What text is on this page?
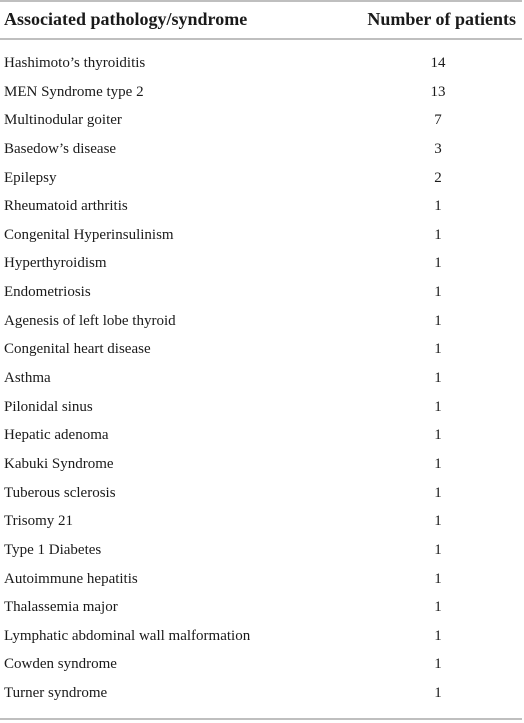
Associated pathology/syndrome	Number of patients
Hashimoto’s thyroiditis	14
MEN Syndrome type 2	13
Multinodular goiter	7
Basedow’s disease	3
Epilepsy	2
Rheumatoid arthritis	1
Congenital Hyperinsulinism	1
Hyperthyroidism	1
Endometriosis	1
Agenesis of left lobe thyroid	1
Congenital heart disease	1
Asthma	1
Pilonidal sinus	1
Hepatic adenoma	1
Kabuki Syndrome	1
Tuberous sclerosis	1
Trisomy 21	1
Type 1 Diabetes	1
Autoimmune hepatitis	1
Thalassemia major	1
Lymphatic abdominal wall malformation	1
Cowden syndrome	1
Turner syndrome	1
